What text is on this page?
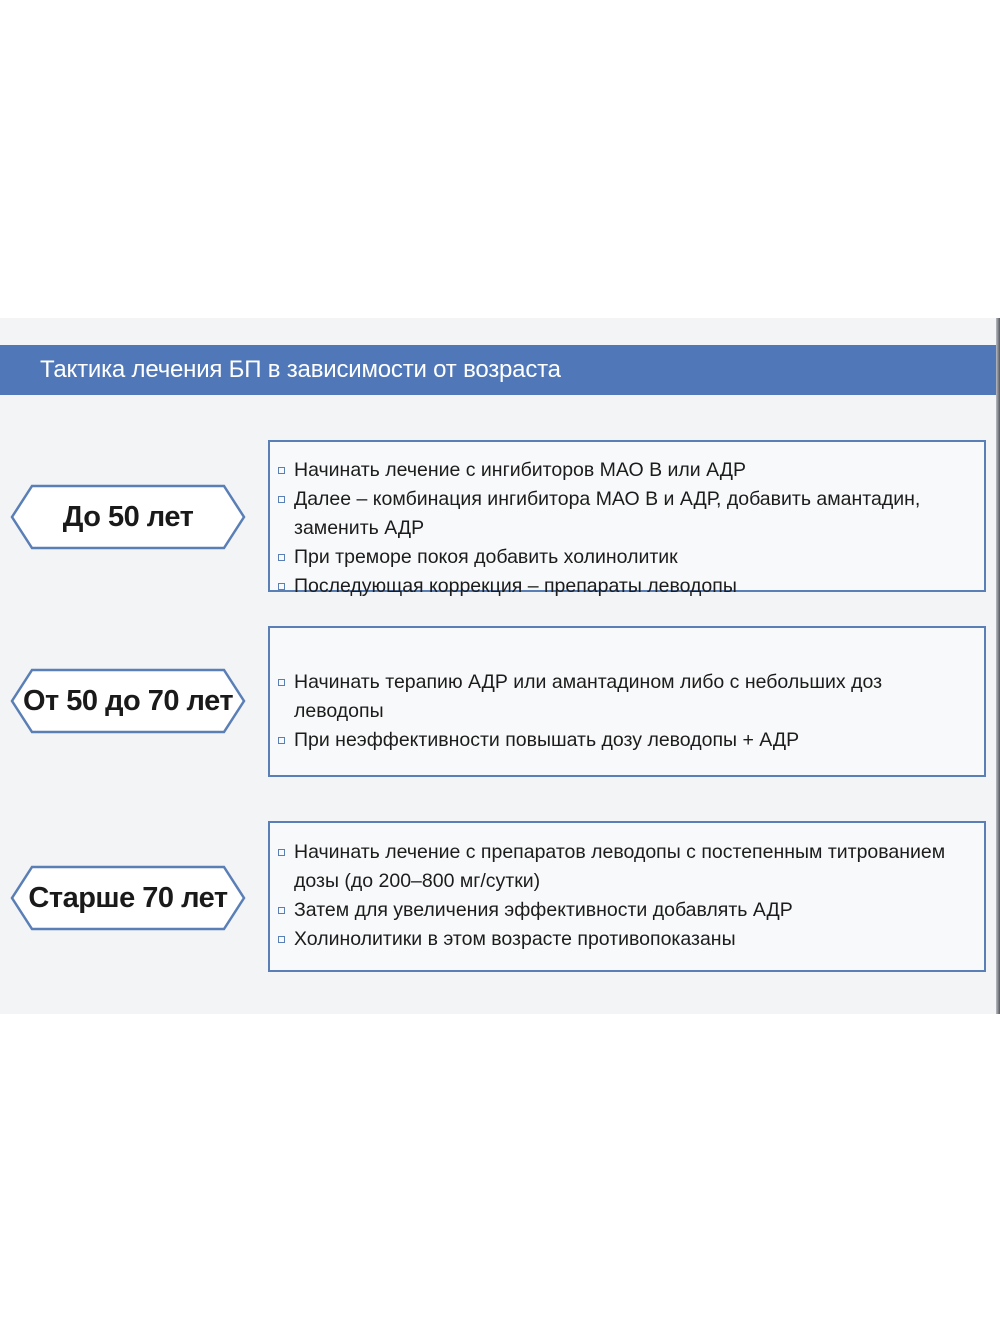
Тактика лечения БП в зависимости от возраста
До 50 лет
Начинать лечение с ингибиторов МАО В или АДР
Далее – комбинация ингибитора МАО В и АДР, добавить амантадин, заменить АДР
При треморе покоя добавить холинолитик
Последующая коррекция – препараты леводопы
От 50 до 70 лет
Начинать терапию АДР или амантадином либо с небольших доз леводопы
При неэффективности повышать дозу леводопы + АДР
Старше 70 лет
Начинать лечение с препаратов леводопы с постепенным титрованием дозы (до 200–800 мг/сутки)
Затем для увеличения эффективности добавлять АДР
Холинолитики в этом возрасте противопоказаны
